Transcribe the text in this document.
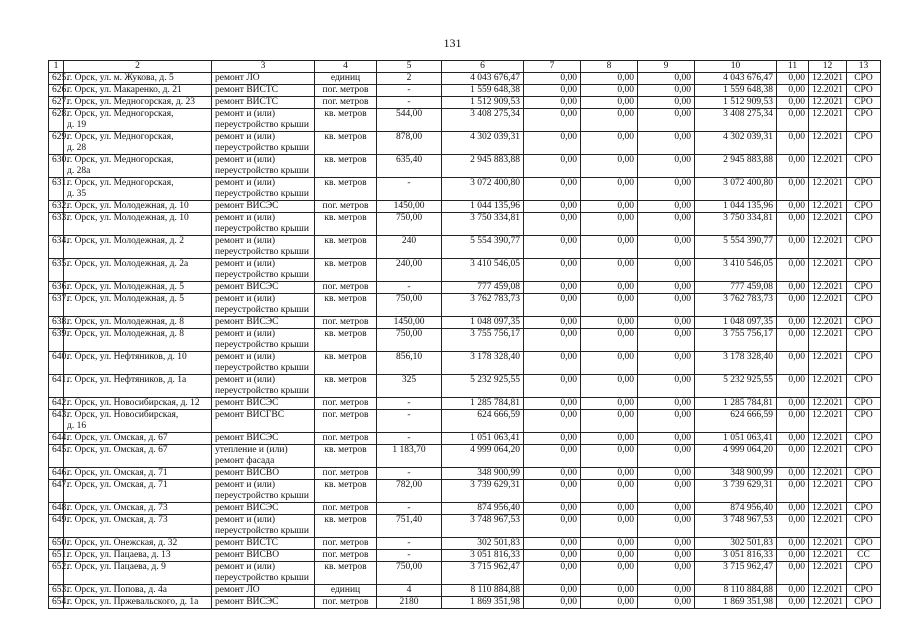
131
1	2	3	4	5	6	7	8	9	10	11	12	13
625.	г. Орск, ул. м. Жукова, д. 5	ремонт ЛО	единиц	2	4 043 676,47	0,00	0,00	0,00	4 043 676,47	0,00	12.2021	СРО
626.	г. Орск, ул. Макаренко, д. 21	ремонт ВИСТС	пог. метров	-	1 559 648,38	0,00	0,00	0,00	1 559 648,38	0,00	12.2021	СРО
627.	г. Орск, ул. Медногорская, д. 23	ремонт ВИСТС	пог. метров	-	1 512 909,53	0,00	0,00	0,00	1 512 909,53	0,00	12.2021	СРО
628.	г. Орск, ул. Медногорская,
д. 19	ремонт и (или)
переустройство крыши	кв. метров	544,00	3 408 275,34	0,00	0,00	0,00	3 408 275,34	0,00	12.2021	СРО
629.	г. Орск, ул. Медногорская,
д. 28	ремонт и (или)
переустройство крыши	кв. метров	878,00	4 302 039,31	0,00	0,00	0,00	4 302 039,31	0,00	12.2021	СРО
630.	г. Орск, ул. Медногорская,
д. 28а	ремонт и (или)
переустройство крыши	кв. метров	635,40	2 945 883,88	0,00	0,00	0,00	2 945 883,88	0,00	12.2021	СРО
631.	г. Орск, ул. Медногорская,
д. 35	ремонт и (или)
переустройство крыши	кв. метров	-	3 072 400,80	0,00	0,00	0,00	3 072 400,80	0,00	12.2021	СРО
632.	г. Орск, ул. Молодежная, д. 10	ремонт ВИСЭС	пог. метров	1450,00	1 044 135,96	0,00	0,00	0,00	1 044 135,96	0,00	12.2021	СРО
633.	г. Орск, ул. Молодежная, д. 10	ремонт и (или)
переустройство крыши	кв. метров	750,00	3 750 334,81	0,00	0,00	0,00	3 750 334,81	0,00	12.2021	СРО
634.	г. Орск, ул. Молодежная, д. 2	ремонт и (или)
переустройство крыши	кв. метров	240	5 554 390,77	0,00	0,00	0,00	5 554 390,77	0,00	12.2021	СРО
635.	г. Орск, ул. Молодежная, д. 2а	ремонт и (или)
переустройство крыши	кв. метров	240,00	3 410 546,05	0,00	0,00	0,00	3 410 546,05	0,00	12.2021	СРО
636.	г. Орск, ул. Молодежная, д. 5	ремонт ВИСЭС	пог. метров	-	777 459,08	0,00	0,00	0,00	777 459,08	0,00	12.2021	СРО
637.	г. Орск, ул. Молодежная, д. 5	ремонт и (или)
переустройство крыши	кв. метров	750,00	3 762 783,73	0,00	0,00	0,00	3 762 783,73	0,00	12.2021	СРО
638.	г. Орск, ул. Молодежная, д. 8	ремонт ВИСЭС	пог. метров	1450,00	1 048 097,35	0,00	0,00	0,00	1 048 097,35	0,00	12.2021	СРО
639.	г. Орск, ул. Молодежная, д. 8	ремонт и (или)
переустройство крыши	кв. метров	750,00	3 755 756,17	0,00	0,00	0,00	3 755 756,17	0,00	12.2021	СРО
640.	г. Орск, ул. Нефтяников, д. 10	ремонт и (или)
переустройство крыши	кв. метров	856,10	3 178 328,40	0,00	0,00	0,00	3 178 328,40	0,00	12.2021	СРО
641.	г. Орск, ул. Нефтяников, д. 1а	ремонт и (или)
переустройство крыши	кв. метров	325	5 232 925,55	0,00	0,00	0,00	5 232 925,55	0,00	12.2021	СРО
642.	г. Орск, ул. Новосибирская, д. 12	ремонт ВИСЭС	пог. метров	-	1 285 784,81	0,00	0,00	0,00	1 285 784,81	0,00	12.2021	СРО
643.	г. Орск, ул. Новосибирская,
д. 16	ремонт ВИСГВС	пог. метров	-	624 666,59	0,00	0,00	0,00	624 666,59	0,00	12.2021	СРО
644.	г. Орск, ул. Омская, д. 67	ремонт ВИСЭС	пог. метров	-	1 051 063,41	0,00	0,00	0,00	1 051 063,41	0,00	12.2021	СРО
645.	г. Орск, ул. Омская, д. 67	утепление и (или)
ремонт фасада	кв. метров	1 183,70	4 999 064,20	0,00	0,00	0,00	4 999 064,20	0,00	12.2021	СРО
646.	г. Орск, ул. Омская, д. 71	ремонт ВИСВО	пог. метров	-	348 900,99	0,00	0,00	0,00	348 900,99	0,00	12.2021	СРО
647.	г. Орск, ул. Омская, д. 71	ремонт и (или)
переустройство крыши	кв. метров	782,00	3 739 629,31	0,00	0,00	0,00	3 739 629,31	0,00	12.2021	СРО
648.	г. Орск, ул. Омская, д. 73	ремонт ВИСЭС	пог. метров	-	874 956,40	0,00	0,00	0,00	874 956,40	0,00	12.2021	СРО
649.	г. Орск, ул. Омская, д. 73	ремонт и (или)
переустройство крыши	кв. метров	751,40	3 748 967,53	0,00	0,00	0,00	3 748 967,53	0,00	12.2021	СРО
650.	г. Орск, ул. Онежская, д. 32	ремонт ВИСТС	пог. метров	-	302 501,83	0,00	0,00	0,00	302 501,83	0,00	12.2021	СРО
651.	г. Орск, ул. Пацаева, д. 13	ремонт ВИСВО	пог. метров	-	3 051 816,33	0,00	0,00	0,00	3 051 816,33	0,00	12.2021	СС
652.	г. Орск, ул. Пацаева, д. 9	ремонт и (или)
переустройство крыши	кв. метров	750,00	3 715 962,47	0,00	0,00	0,00	3 715 962,47	0,00	12.2021	СРО
653.	г. Орск, ул. Попова, д. 4а	ремонт ЛО	единиц	4	8 110 884,88	0,00	0,00	0,00	8 110 884,88	0,00	12.2021	СРО
654.	г. Орск, ул. Пржевальского, д. 1а	ремонт ВИСЭС	пог. метров	2180	1 869 351,98	0,00	0,00	0,00	1 869 351,98	0,00	12.2021	СРО
